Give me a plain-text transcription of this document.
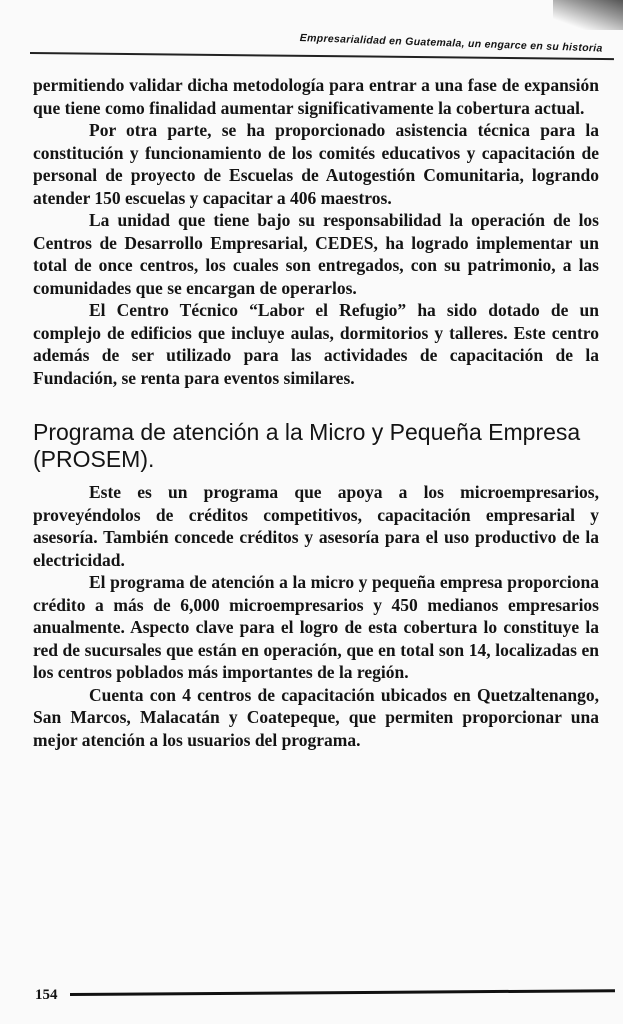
Empresarialidad en Guatemala, un engarce en su historia

permitiendo validar dicha metodología para entrar a una fase de expansión que tiene como finalidad aumentar significativamente la cobertura actual.

Por otra parte, se ha proporcionado asistencia técnica para la constitución y funcionamiento de los comités educativos y capacitación de personal de proyecto de Escuelas de Autogestión Comunitaria, logrando atender 150 escuelas y capacitar a 406 maestros.

La unidad que tiene bajo su responsabilidad la operación de los Centros de Desarrollo Empresarial, CEDES, ha logrado implementar un total de once centros, los cuales son entregados, con su patrimonio, a las comunidades que se encargan de operarlos.

El Centro Técnico “Labor el Refugio” ha sido dotado de un complejo de edificios que incluye aulas, dormitorios y talleres. Este centro además de ser utilizado para las actividades de capacitación de la Fundación, se renta para eventos similares.

Programa de atención a la Micro y Pequeña Empresa (PROSEM).

Este es un programa que apoya a los microempresarios, proveyéndolos de créditos competitivos, capacitación empresarial y asesoría. También concede créditos y asesoría para el uso productivo de la electricidad.

El programa de atención a la micro y pequeña empresa proporciona crédito a más de 6,000 microempresarios y 450 medianos empresarios anualmente. Aspecto clave para el logro de esta cobertura lo constituye la red de sucursales que están en operación, que en total son 14, localizadas en los centros poblados más importantes de la región.

Cuenta con 4 centros de capacitación ubicados en Quetzaltenango, San Marcos, Malacatán y Coatepeque, que permiten proporcionar una mejor atención a los usuarios del programa.

154
